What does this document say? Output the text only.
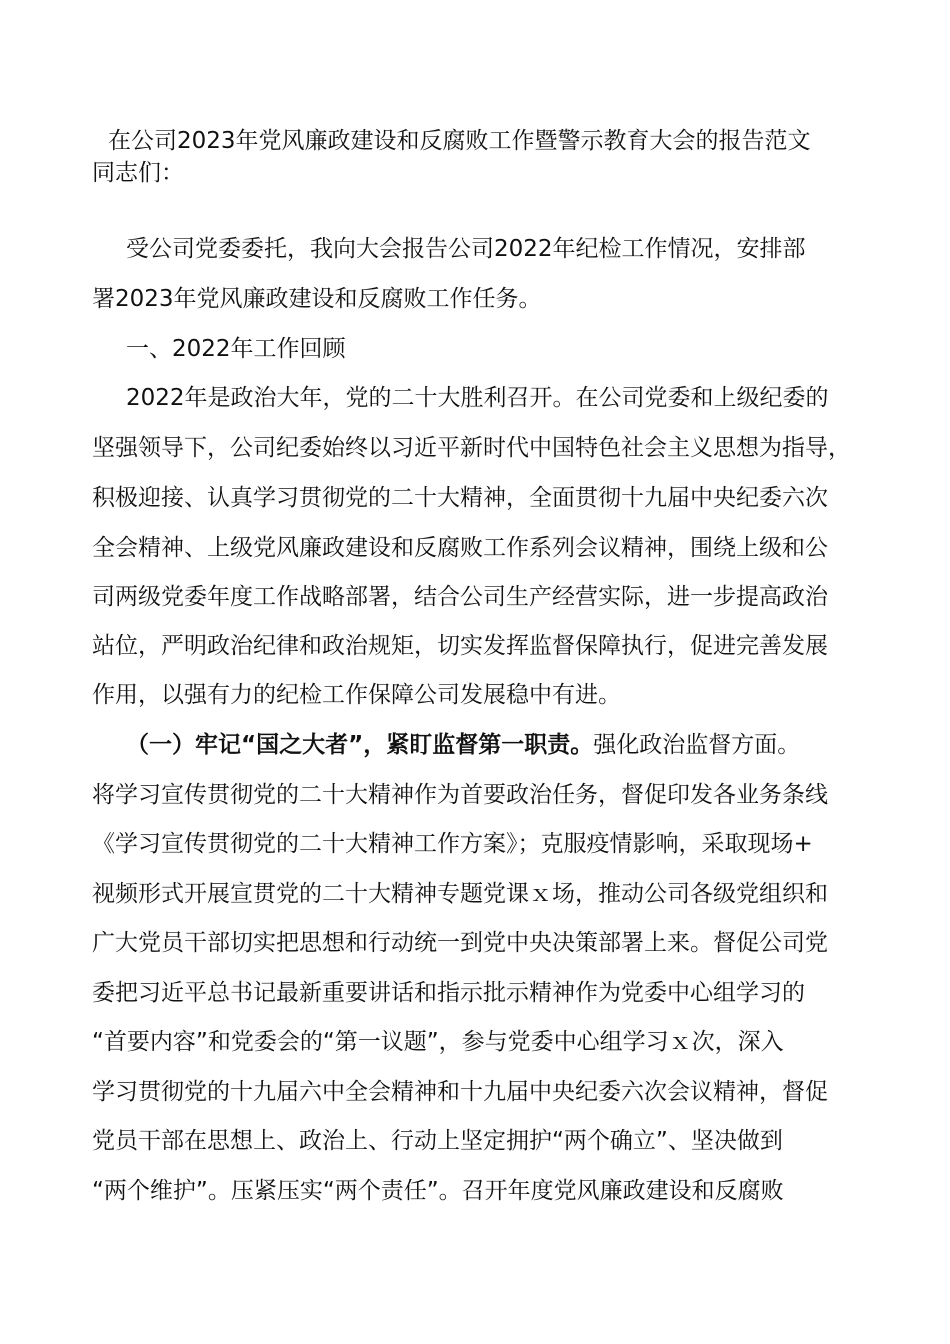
在公司2023年党风廉政建设和反腐败工作暨警示教育大会的报告范文
同志们：
受公司党委委托，我向大会报告公司2022年纪检工作情况，安排部
署2023年党风廉政建设和反腐败工作任务。
一、2022年工作回顾
2022年是政治大年，党的二十大胜利召开。在公司党委和上级纪委的
坚强领导下，公司纪委始终以习近平新时代中国特色社会主义思想为指导，
积极迎接、认真学习贯彻党的二十大精神，全面贯彻十九届中央纪委六次
全会精神、上级党风廉政建设和反腐败工作系列会议精神，围绕上级和公
司两级党委年度工作战略部署，结合公司生产经营实际，进一步提高政治
站位，严明政治纪律和政治规矩，切实发挥监督保障执行，促进完善发展
作用，以强有力的纪检工作保障公司发展稳中有进。
（一）牢记“国之大者”，紧盯监督第一职责。强化政治监督方面。
将学习宣传贯彻党的二十大精神作为首要政治任务，督促印发各业务条线
《学习宣传贯彻党的二十大精神工作方案》；克服疫情影响，采取现场+
视频形式开展宣贯党的二十大精神专题党课ｘ场，推动公司各级党组织和
广大党员干部切实把思想和行动统一到党中央决策部署上来。督促公司党
委把习近平总书记最新重要讲话和指示批示精神作为党委中心组学习的
“首要内容”和党委会的“第一议题”，参与党委中心组学习ｘ次，深入
学习贯彻党的十九届六中全会精神和十九届中央纪委六次会议精神，督促
党员干部在思想上、政治上、行动上坚定拥护“两个确立”、坚决做到
“两个维护”。压紧压实“两个责任”。召开年度党风廉政建设和反腐败
